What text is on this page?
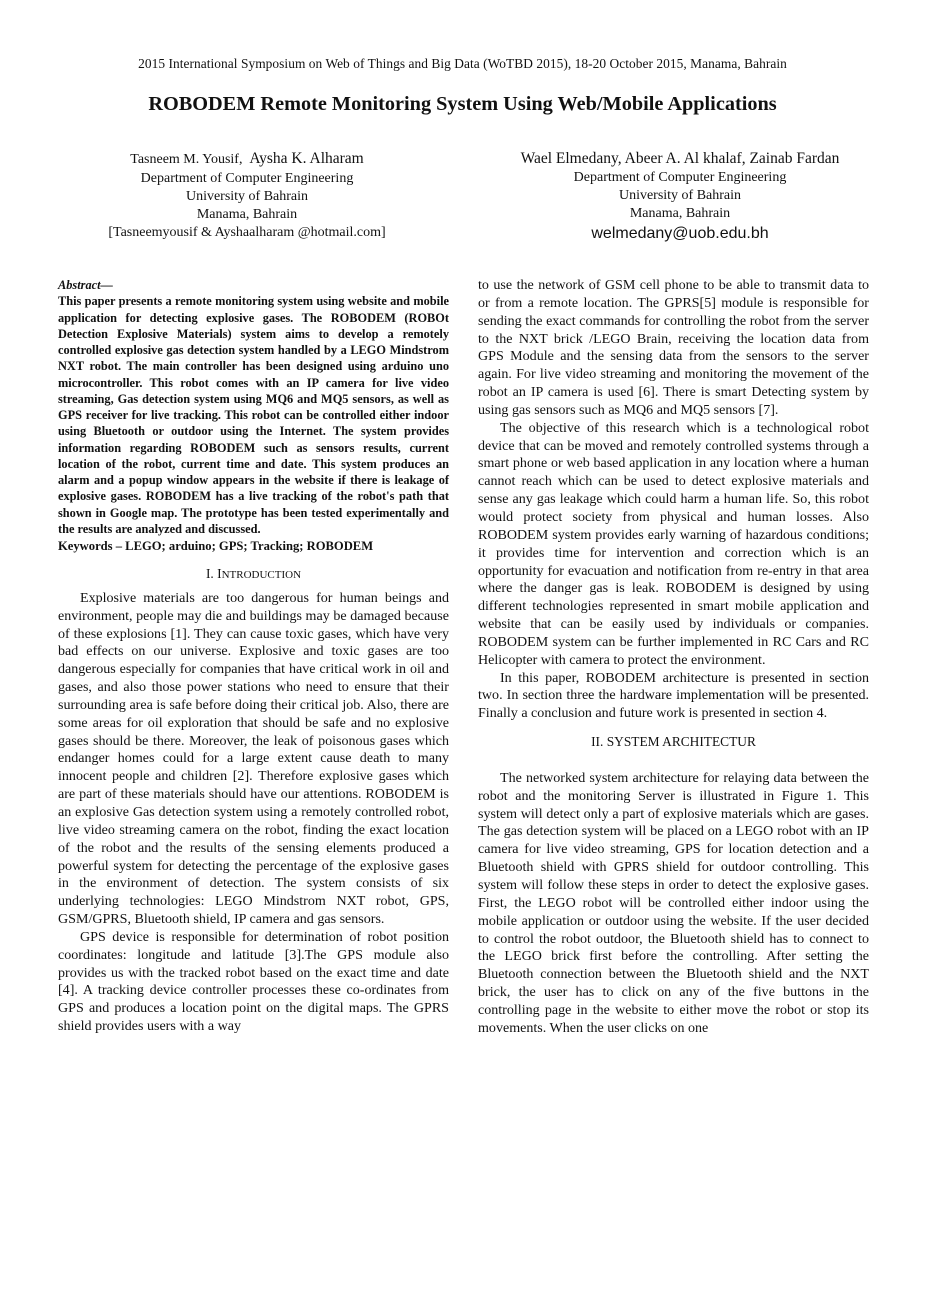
2015 International Symposium on Web of Things and Big Data (WoTBD 2015), 18-20 October 2015, Manama, Bahrain
ROBODEM Remote Monitoring System Using Web/Mobile Applications
Tasneem M. Yousif, Aysha K. Alharam
Department of Computer Engineering
University of Bahrain
Manama, Bahrain
[Tasneemyousif & Ayshaalharam @hotmail.com]
Wael Elmedany, Abeer A. Al khalaf, Zainab Fardan
Department of Computer Engineering
University of Bahrain
Manama, Bahrain
welmedany@uob.edu.bh
Abstract—
This paper presents a remote monitoring system using website and mobile application for detecting explosive gases. The ROBODEM (ROBOt Detection Explosive Materials) system aims to develop a remotely controlled explosive gas detection system handled by a LEGO Mindstrom NXT robot. The main controller has been designed using arduino uno microcontroller. This robot comes with an IP camera for live video streaming, Gas detection system using MQ6 and MQ5 sensors, as well as GPS receiver for live tracking. This robot can be controlled either indoor using Bluetooth or outdoor using the Internet. The system provides information regarding ROBODEM such as sensors results, current location of the robot, current time and date. This system produces an alarm and a popup window appears in the website if there is leakage of explosive gases. ROBODEM has a live tracking of the robot's path that shown in Google map. The prototype has been tested experimentally and the results are analyzed and discussed.

Keywords – LEGO; arduino; GPS; Tracking; ROBODEM

I. INTRODUCTION

Explosive materials are too dangerous for human beings and environment, people may die and buildings may be damaged because of these explosions [1]. They can cause toxic gases, which have very bad effects on our universe. Explosive and toxic gases are too dangerous especially for companies that have critical work in oil and gases, and also those power stations who need to ensure that their surrounding area is safe before doing their critical job. Also, there are some areas for oil exploration that should be safe and no explosive gases should be there. Moreover, the leak of poisonous gases which endanger homes could for a large extent cause death to many innocent people and children [2]. Therefore explosive gases which are part of these materials should have our attentions. ROBODEM is an explosive Gas detection system using a remotely controlled robot, live video streaming camera on the robot, finding the exact location of the robot and the results of the sensing elements produced a powerful system for detecting the percentage of the explosive gases in the environment of detection. The system consists of six underlying technologies: LEGO Mindstrom NXT robot, GPS, GSM/GPRS, Bluetooth shield, IP camera and gas sensors.

GPS device is responsible for determination of robot position coordinates: longitude and latitude [3].The GPS module also provides us with the tracked robot based on the exact time and date [4]. A tracking device controller processes these co-ordinates from GPS and produces a location point on the digital maps. The GPRS shield provides users with a way

to use the network of GSM cell phone to be able to transmit data to or from a remote location. The GPRS[5] module is responsible for sending the exact commands for controlling the robot from the server to the NXT brick /LEGO Brain, receiving the location data from GPS Module and the sensing data from the sensors to the server again. For live video streaming and monitoring the movement of the robot an IP camera is used [6]. There is smart Detecting system by using gas sensors such as MQ6 and MQ5 sensors [7].

The objective of this research which is a technological robot device that can be moved and remotely controlled systems through a smart phone or web based application in any location where a human cannot reach which can be used to detect explosive materials and sense any gas leakage which could harm a human life. So, this robot would protect society from physical and human losses. Also ROBODEM system provides early warning of hazardous conditions; it provides time for intervention and correction which is an opportunity for evacuation and notification from re-entry in that area where the danger gas is leak. ROBODEM is designed by using different technologies represented in smart mobile application and website that can be easily used by individuals or companies. ROBODEM system can be further implemented in RC Cars and RC Helicopter with camera to protect the environment.

In this paper, ROBODEM architecture is presented in section two. In section three the hardware implementation will be presented. Finally a conclusion and future work is presented in section 4.

II. SYSTEM ARCHITECTUR

The networked system architecture for relaying data between the robot and the monitoring Server is illustrated in Figure 1. This system will detect only a part of explosive materials which are gases. The gas detection system will be placed on a LEGO robot with an IP camera for live video streaming, GPS for location detection and a Bluetooth shield with GPRS shield for outdoor controlling. This system will follow these steps in order to detect the explosive gases. First, the LEGO robot will be controlled either indoor using the mobile application or outdoor using the website. If the user decided to control the robot outdoor, the Bluetooth shield has to connect to the LEGO brick first before the controlling. After setting the Bluetooth connection between the Bluetooth shield and the NXT brick, the user has to click on any of the five buttons in the controlling page in the website to either move the robot or stop its movements. When the user clicks on one
